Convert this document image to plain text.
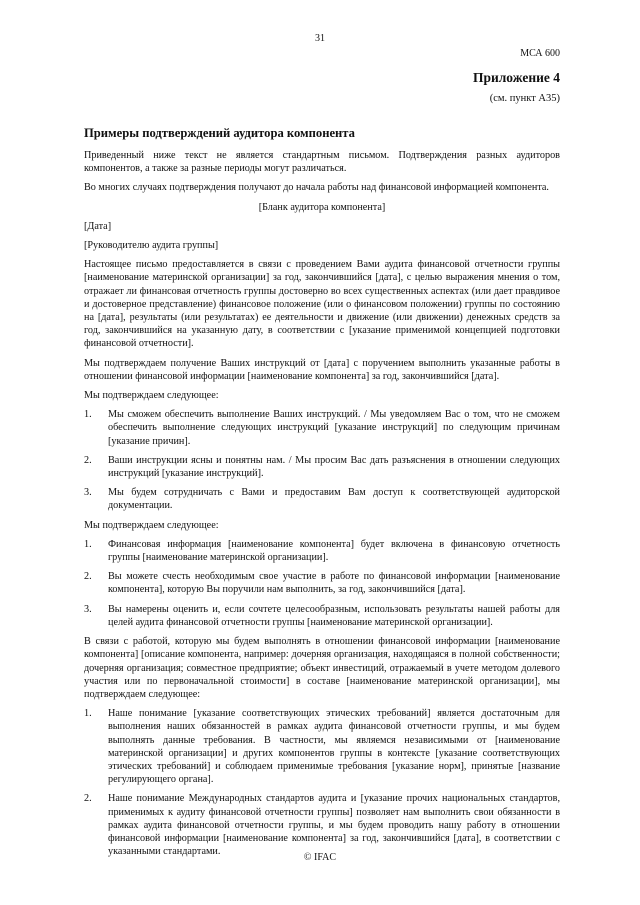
31
МСА 600
Приложение 4
(см. пункт А35)
Примеры подтверждений аудитора компонента

Приведенный ниже текст не является стандартным письмом. Подтверждения разных аудиторов компонентов, а также за разные периоды могут различаться.

Во многих случаях подтверждения получают до начала работы над финансовой информацией компонента.

[Бланк аудитора компонента]

[Дата]

[Руководителю аудита группы]

Настоящее письмо предоставляется в связи с проведением Вами аудита финансовой отчетности группы [наименование материнской организации] за год, закончившийся [дата], с целью выражения мнения о том, отражает ли финансовая отчетность группы достоверно во всех существенных аспектах (или дает правдивое и достоверное представление) финансовое положение (или о финансовом положении) группы по состоянию на [дата], результаты (или результатах) ее деятельности и движение (или движении) денежных средств за год, закончившийся на указанную дату, в соответствии с [указание применимой концепцией подготовки финансовой отчетности].

Мы подтверждаем получение Ваших инструкций от [дата] с поручением выполнить указанные работы в отношении финансовой информации [наименование компонента] за год, закончившийся [дата].

Мы подтверждаем следующее:

1.	Мы сможем обеспечить выполнение Ваших инструкций. / Мы уведомляем Вас о том, что не сможем обеспечить выполнение следующих инструкций [указание инструкций] по следующим причинам [указание причин].
2.	Ваши инструкции ясны и понятны нам. / Мы просим Вас дать разъяснения в отношении следующих инструкций [указание инструкций].
3.	Мы будем сотрудничать с Вами и предоставим Вам доступ к соответствующей аудиторской документации.

Мы подтверждаем следующее:

1.	Финансовая информация [наименование компонента] будет включена в финансовую отчетность группы [наименование материнской организации].
2.	Вы можете счесть необходимым свое участие в работе по финансовой информации [наименование компонента], которую Вы поручили нам выполнить, за год, закончившийся [дата].
3.	Вы намерены оценить и, если сочтете целесообразным, использовать результаты нашей работы для целей аудита финансовой отчетности группы [наименование материнской организации].

В связи с работой, которую мы будем выполнять в отношении финансовой информации [наименование компонента] [описание компонента, например: дочерняя организация, находящаяся в полной собственности; дочерняя организация; совместное предприятие; объект инвестиций, отражаемый в учете методом долевого участия или по первоначальной стоимости] в составе [наименование материнской организации], мы подтверждаем следующее:

1.	Наше понимание [указание соответствующих этических требований] является достаточным для выполнения наших обязанностей в рамках аудита финансовой отчетности группы, и мы будем выполнять данные требования. В частности, мы являемся независимыми от [наименование материнской организации] и других компонентов группы в контексте [указание соответствующих этических требований] и соблюдаем применимые требования [указание норм], принятые [название регулирующего органа].
2.	Наше понимание Международных стандартов аудита и [указание прочих национальных стандартов, применимых к аудиту финансовой отчетности группы] позволяет нам выполнить свои обязанности в рамках аудита финансовой отчетности группы, и мы будем проводить нашу работу в отношении финансовой информации [наименование компонента] за год, закончившийся [дата], в соответствии с указанными стандартами.
© IFAC
